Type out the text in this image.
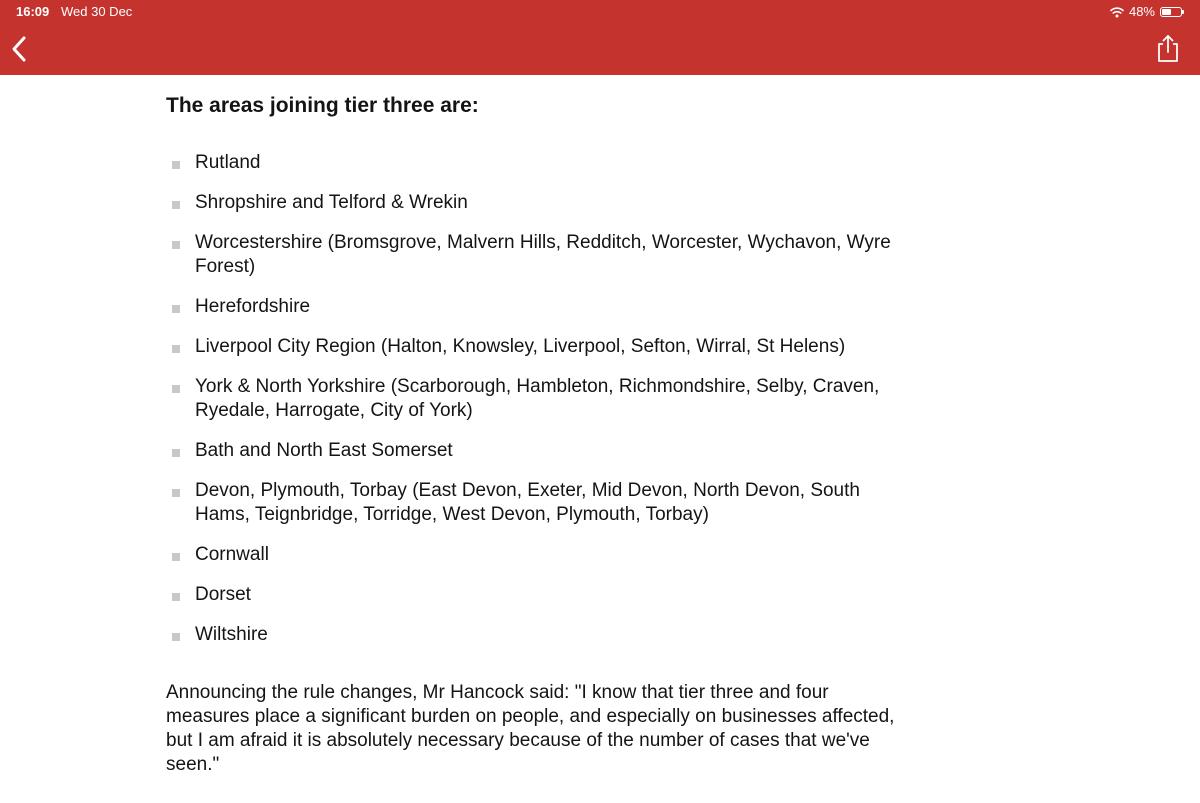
16:09 Wed 30 Dec	48%
The areas joining tier three are:
Rutland
Shropshire and Telford & Wrekin
Worcestershire (Bromsgrove, Malvern Hills, Redditch, Worcester, Wychavon, Wyre Forest)
Herefordshire
Liverpool City Region (Halton, Knowsley, Liverpool, Sefton, Wirral, St Helens)
York & North Yorkshire (Scarborough, Hambleton, Richmondshire, Selby, Craven, Ryedale, Harrogate, City of York)
Bath and North East Somerset
Devon, Plymouth, Torbay (East Devon, Exeter, Mid Devon, North Devon, South Hams, Teignbridge, Torridge, West Devon, Plymouth, Torbay)
Cornwall
Dorset
Wiltshire

Announcing the rule changes, Mr Hancock said: "I know that tier three and four measures place a significant burden on people, and especially on businesses affected, but I am afraid it is absolutely necessary because of the number of cases that we've seen."
